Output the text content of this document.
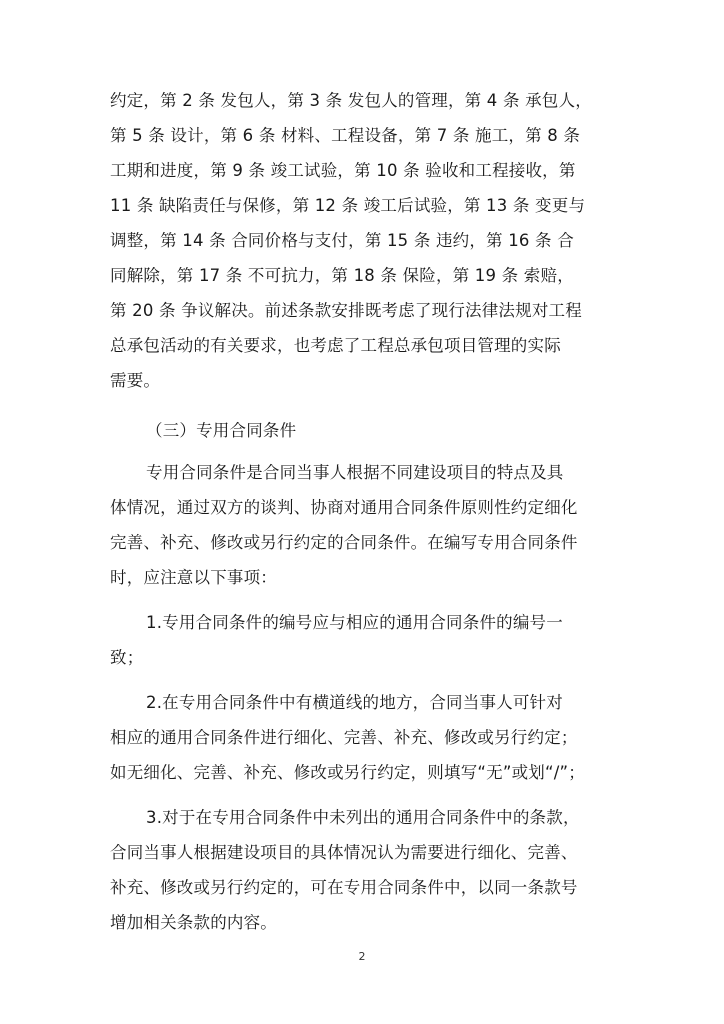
约定，第 2 条 发包人，第 3 条 发包人的管理，第 4 条 承包人，
第 5 条 设计，第 6 条 材料、工程设备，第 7 条 施工，第 8 条
工期和进度，第 9 条 竣工试验，第 10 条 验收和工程接收，第
11 条 缺陷责任与保修，第 12 条 竣工后试验，第 13 条 变更与
调整，第 14 条 合同价格与支付，第 15 条 违约，第 16 条 合
同解除，第 17 条 不可抗力，第 18 条 保险，第 19 条 索赔，
第 20 条 争议解决。前述条款安排既考虑了现行法律法规对工程
总承包活动的有关要求，也考虑了工程总承包项目管理的实际
需要。
（三）专用合同条件
专用合同条件是合同当事人根据不同建设项目的特点及具
体情况，通过双方的谈判、协商对通用合同条件原则性约定细化
完善、补充、修改或另行约定的合同条件。在编写专用合同条件
时，应注意以下事项：
1.专用合同条件的编号应与相应的通用合同条件的编号一
致；
2.在专用合同条件中有横道线的地方，合同当事人可针对
相应的通用合同条件进行细化、完善、补充、修改或另行约定；
如无细化、完善、补充、修改或另行约定，则填写“无”或划“/”；
3.对于在专用合同条件中未列出的通用合同条件中的条款，
合同当事人根据建设项目的具体情况认为需要进行细化、完善、
补充、修改或另行约定的，可在专用合同条件中，以同一条款号
增加相关条款的内容。
2
